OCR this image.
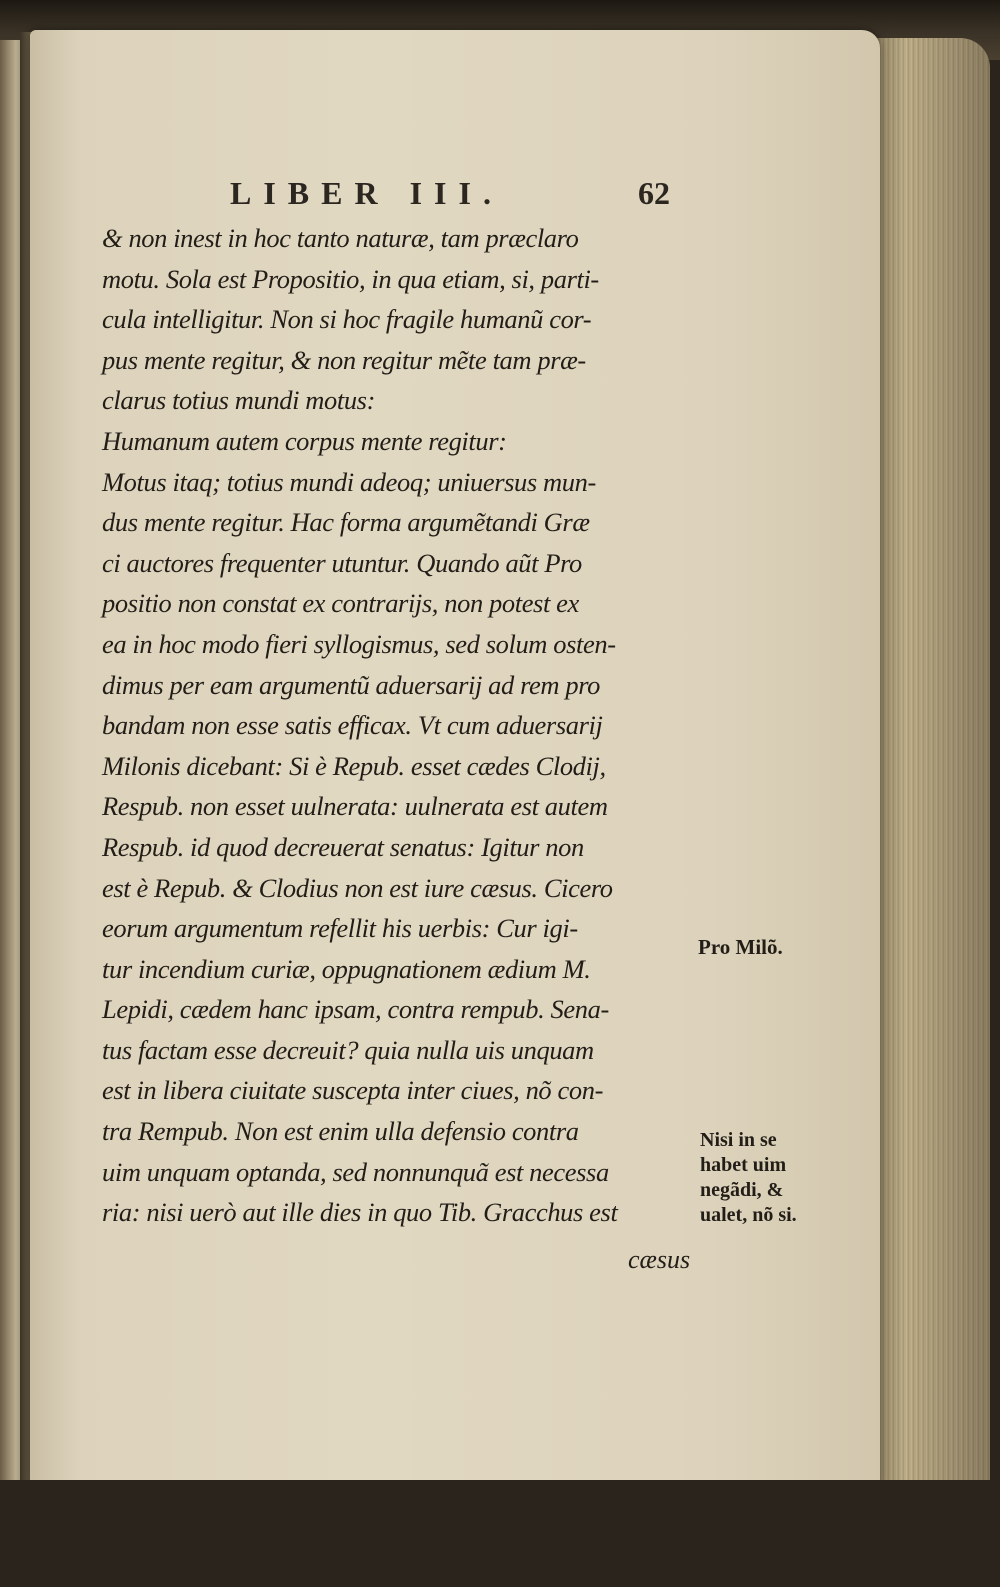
LIBER III.	62
& non inest in hoc tanto naturæ, tam præclaro
motu. Sola est Propositio, in qua etiam, si, parti-
cula intelligitur. Non si hoc fragile humanũ cor-
pus mente regitur, & non regitur mẽte tam præ-
clarus totius mundi motus:
Humanum autem corpus mente regitur:
Motus itaq; totius mundi adeoq; uniuersus mun-
dus mente regitur. Hac forma argumẽtandi Græ
ci auctores frequenter utuntur. Quando aũt Pro
positio non constat ex contrarijs, non potest ex
ea in hoc modo fieri syllogismus, sed solum osten-
dimus per eam argumentũ aduersarij ad rem pro
bandam non esse satis efficax. Vt cum aduersarij
Milonis dicebant: Si è Repub. esset cædes Clodij,
Respub. non esset uulnerata: uulnerata est autem
Respub. id quod decreuerat senatus: Igitur non
est è Repub. & Clodius non est iure cæsus. Cicero
eorum argumentum refellit his uerbis: Cur igi-
tur incendium curiæ, oppugnationem ædium M.
Lepidi, cædem hanc ipsam, contra rempub. Sena-
tus factam esse decreuit? quia nulla uis unquam
est in libera ciuitate suscepta inter ciues, nõ con-
tra Rempub. Non est enim ulla defensio contra
uim unquam optanda, sed nonnunquã est necessa
ria: nisi uerò aut ille dies in quo Tib. Gracchus est
Pro Milõ.
Nisi in se
habet uim
negãdi, &
ualet, nõ si.
cæsus
